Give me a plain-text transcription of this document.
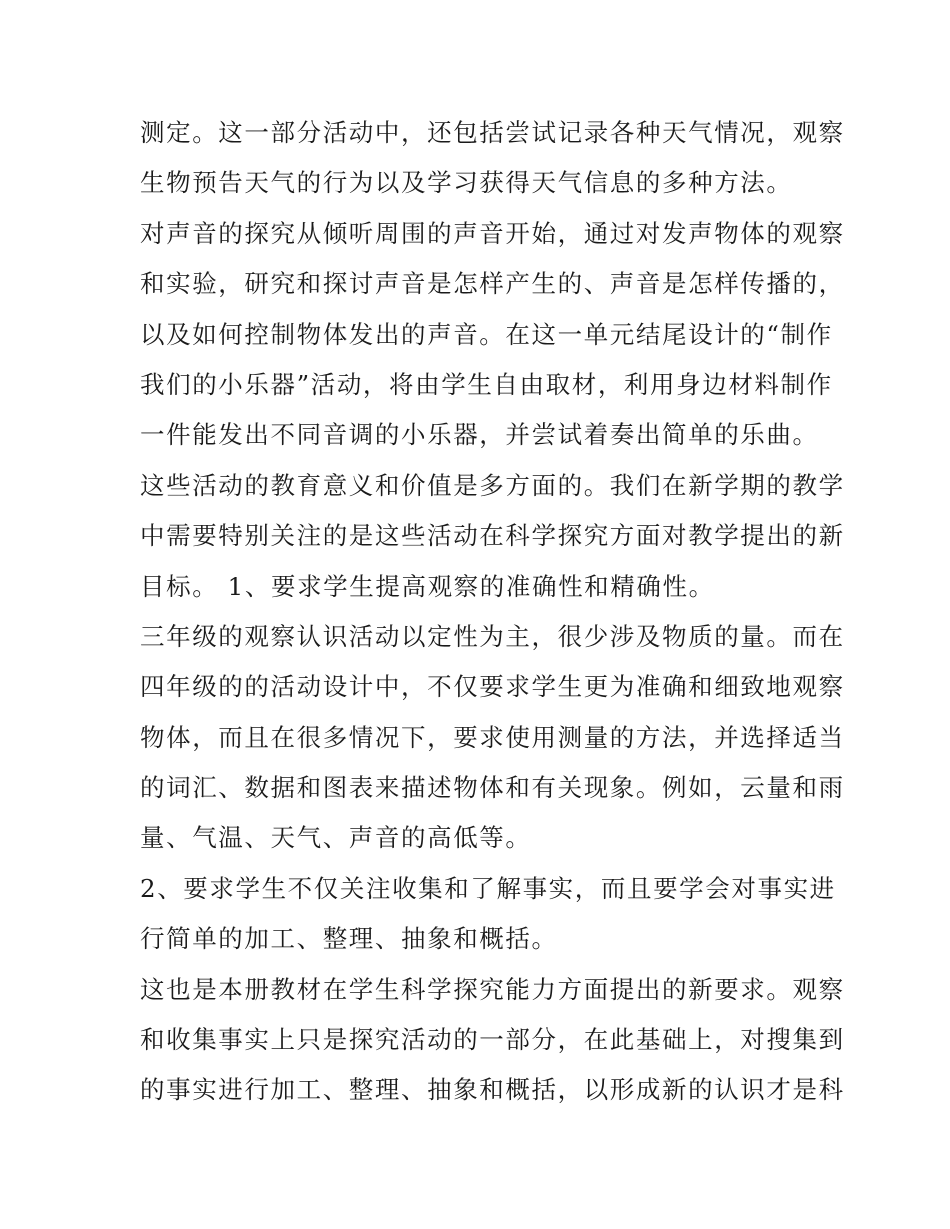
测定。这一部分活动中，还包括尝试记录各种天气情况，观察
生物预告天气的行为以及学习获得天气信息的多种方法。
对声音的探究从倾听周围的声音开始，通过对发声物体的观察
和实验，研究和探讨声音是怎样产生的、声音是怎样传播的，
以及如何控制物体发出的声音。在这一单元结尾设计的“制作
我们的小乐器”活动，将由学生自由取材，利用身边材料制作
一件能发出不同音调的小乐器，并尝试着奏出简单的乐曲。
这些活动的教育意义和价值是多方面的。我们在新学期的教学
中需要特别关注的是这些活动在科学探究方面对教学提出的新
目标。 1、要求学生提高观察的准确性和精确性。
三年级的观察认识活动以定性为主，很少涉及物质的量。而在
四年级的的活动设计中，不仅要求学生更为准确和细致地观察
物体，而且在很多情况下，要求使用测量的方法，并选择适当
的词汇、数据和图表来描述物体和有关现象。例如，云量和雨
量、气温、天气、声音的高低等。
2、要求学生不仅关注收集和了解事实，而且要学会对事实进
行简单的加工、整理、抽象和概括。
这也是本册教材在学生科学探究能力方面提出的新要求。观察
和收集事实上只是探究活动的一部分，在此基础上，对搜集到
的事实进行加工、整理、抽象和概括，以形成新的认识才是科
